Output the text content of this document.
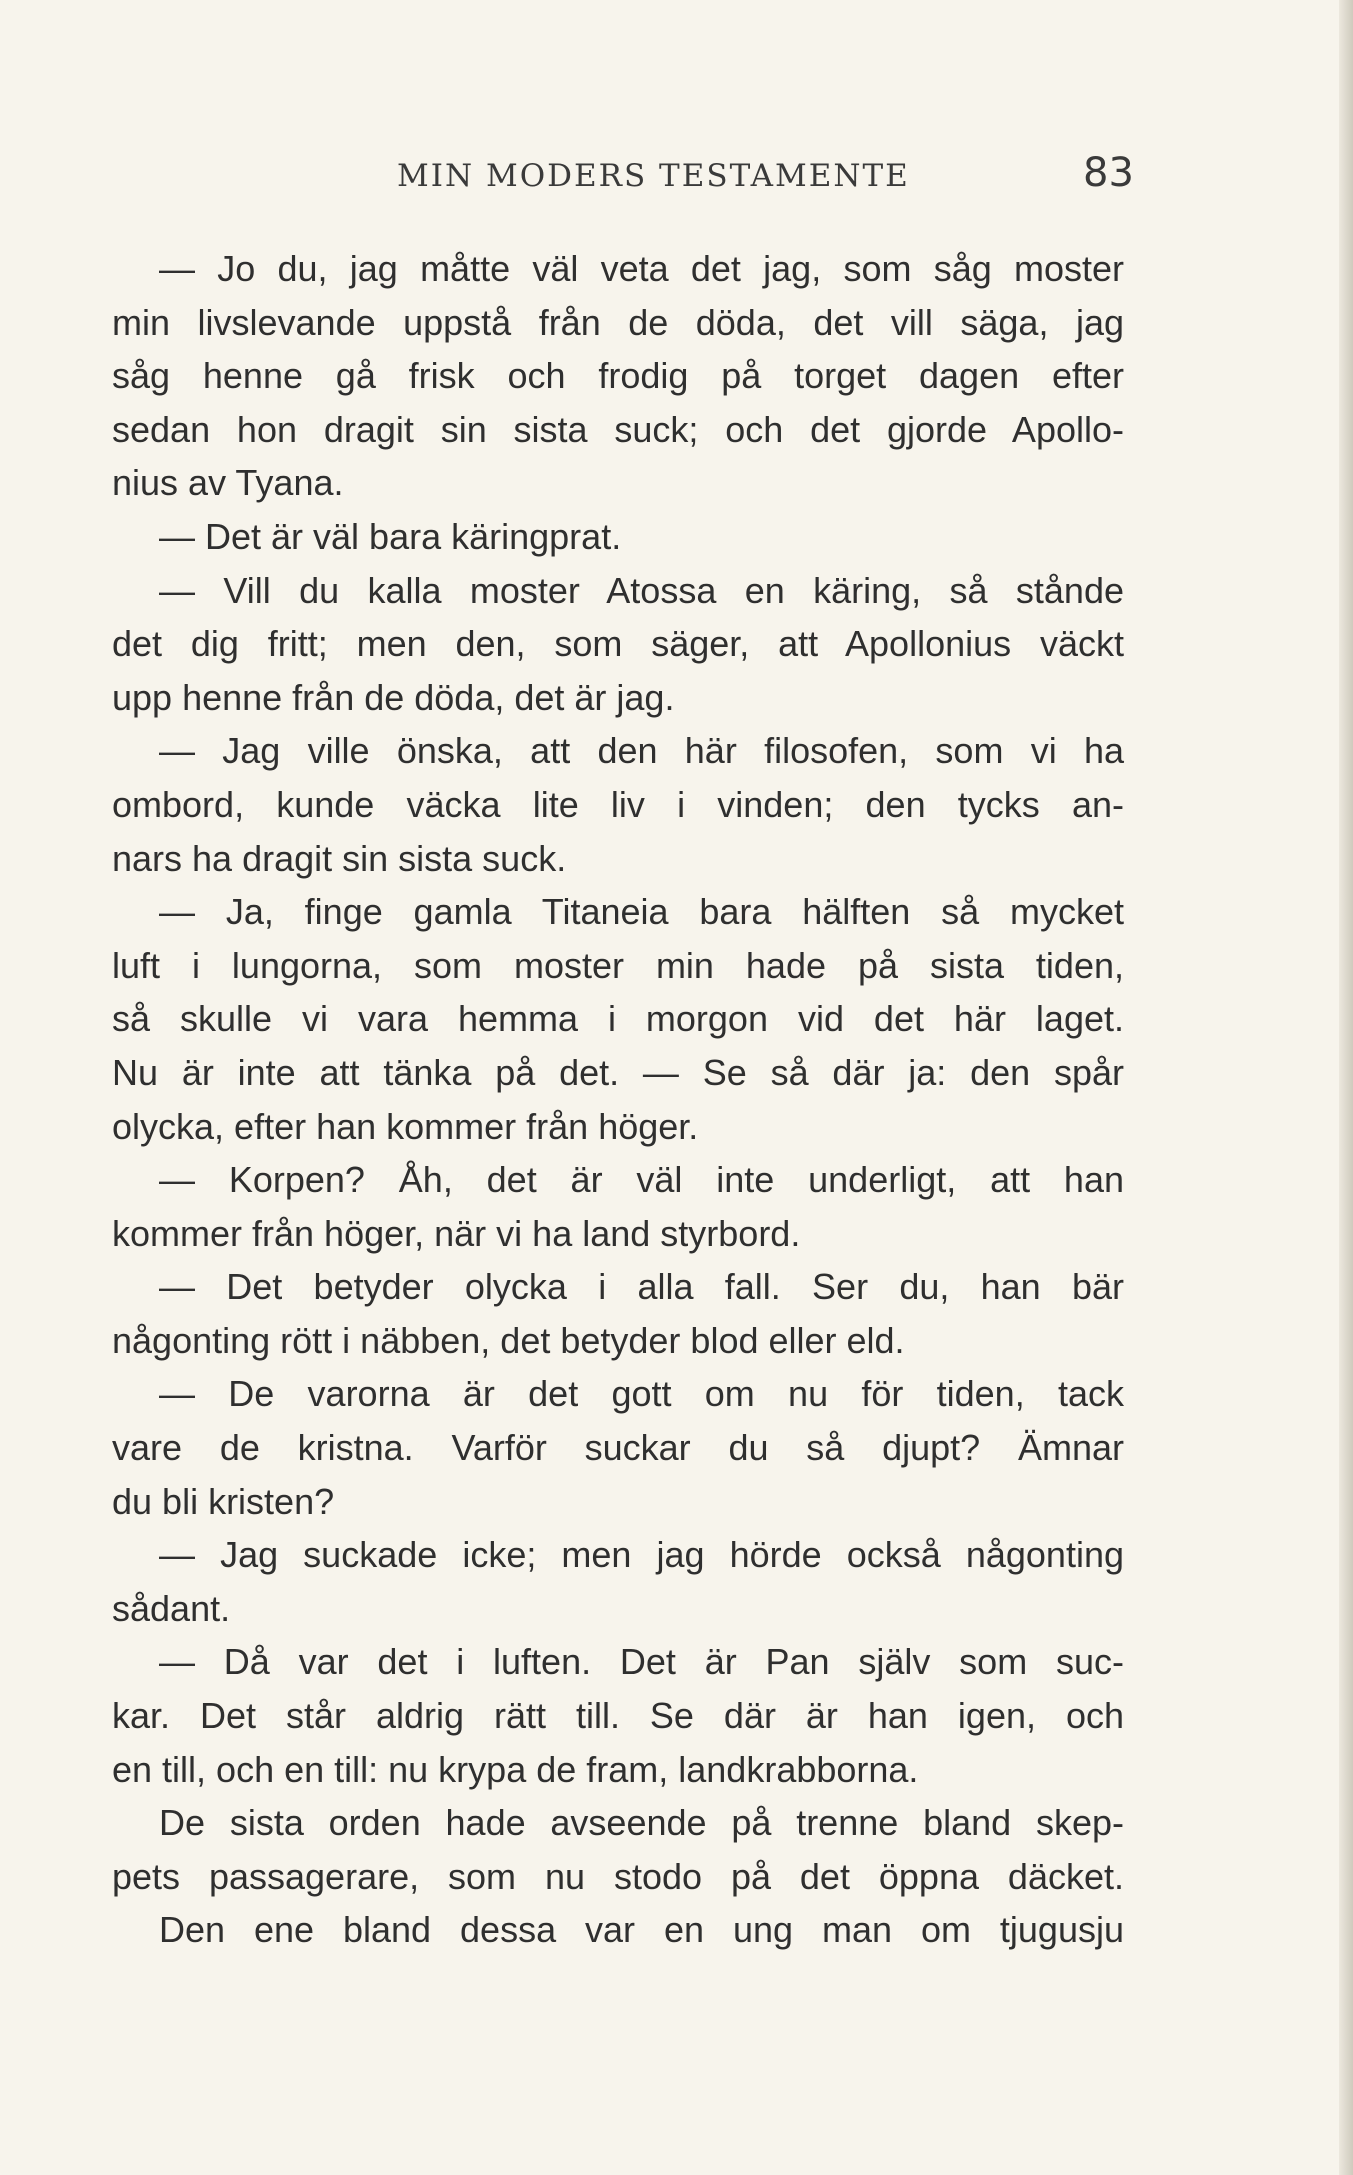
MIN MODERS TESTAMENTE	83
— Jo du, jag måtte väl veta det jag, som såg moster
min livslevande uppstå från de döda, det vill säga, jag
såg henne gå frisk och frodig på torget dagen efter
sedan hon dragit sin sista suck; och det gjorde Apollo-
nius av Tyana.
— Det är väl bara käringprat.
— Vill du kalla moster Atossa en käring, så stånde
det dig fritt; men den, som säger, att Apollonius väckt
upp henne från de döda, det är jag.
— Jag ville önska, att den här filosofen, som vi ha
ombord, kunde väcka lite liv i vinden; den tycks an-
nars ha dragit sin sista suck.
— Ja, finge gamla Titaneia bara hälften så mycket
luft i lungorna, som moster min hade på sista tiden,
så skulle vi vara hemma i morgon vid det här laget.
Nu är inte att tänka på det. — Se så där ja: den spår
olycka, efter han kommer från höger.
— Korpen? Åh, det är väl inte underligt, att han
kommer från höger, när vi ha land styrbord.
— Det betyder olycka i alla fall. Ser du, han bär
någonting rött i näbben, det betyder blod eller eld.
— De varorna är det gott om nu för tiden, tack
vare de kristna. Varför suckar du så djupt? Ämnar
du bli kristen?
— Jag suckade icke; men jag hörde också någonting
sådant.
— Då var det i luften. Det är Pan själv som suc-
kar. Det står aldrig rätt till. Se där är han igen, och
en till, och en till: nu krypa de fram, landkrabborna.
De sista orden hade avseende på trenne bland skep-
pets passagerare, som nu stodo på det öppna däcket.
Den ene bland dessa var en ung man om tjugusju
